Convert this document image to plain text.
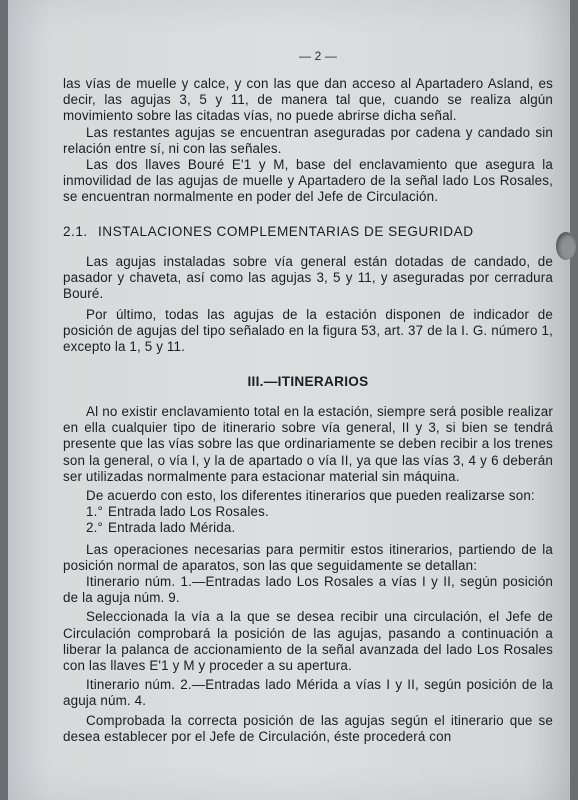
— 2 —

las vías de muelle y calce, y con las que dan acceso al Apartadero Asland, es decir, las agujas 3, 5 y 11, de manera tal que, cuando se realiza algún movimiento sobre las citadas vías, no puede abrirse dicha señal.

Las restantes agujas se encuentran aseguradas por cadena y candado sin relación entre sí, ni con las señales.

Las dos llaves Bouré E'1 y M, base del enclavamiento que asegura la inmovilidad de las agujas de muelle y Apartadero de la señal lado Los Rosales, se encuentran normalmente en poder del Jefe de Circulación.

2.1. INSTALACIONES COMPLEMENTARIAS DE SEGURIDAD

Las agujas instaladas sobre vía general están dotadas de candado, de pasador y chaveta, así como las agujas 3, 5 y 11, y aseguradas por cerradura Bouré.

Por último, todas las agujas de la estación disponen de indicador de posición de agujas del tipo señalado en la figura 53, art. 37 de la I. G. número 1, excepto la 1, 5 y 11.

III.—ITINERARIOS

Al no existir enclavamiento total en la estación, siempre será posible realizar en ella cualquier tipo de itinerario sobre vía general, II y 3, si bien se tendrá presente que las vías sobre las que ordinariamente se deben recibir a los trenes son la general, o vía I, y la de apartado o vía II, ya que las vías 3, 4 y 6 deberán ser utilizadas normalmente para estacionar material sin máquina.

De acuerdo con esto, los diferentes itinerarios que pueden realizarse son:

1.° Entrada lado Los Rosales.
2.° Entrada lado Mérida.

Las operaciones necesarias para permitir estos itinerarios, partiendo de la posición normal de aparatos, son las que seguidamente se detallan:

Itinerario núm. 1.—Entradas lado Los Rosales a vías I y II, según posición de la aguja núm. 9.

Seleccionada la vía a la que se desea recibir una circulación, el Jefe de Circulación comprobará la posición de las agujas, pasando a continuación a liberar la palanca de accionamiento de la señal avanzada del lado Los Rosales con las llaves E'1 y M y proceder a su apertura.

Itinerario núm. 2.—Entradas lado Mérida a vías I y II, según posición de la aguja núm. 4.

Comprobada la correcta posición de las agujas según el itinerario que se desea establecer por el Jefe de Circulación, éste procederá con
